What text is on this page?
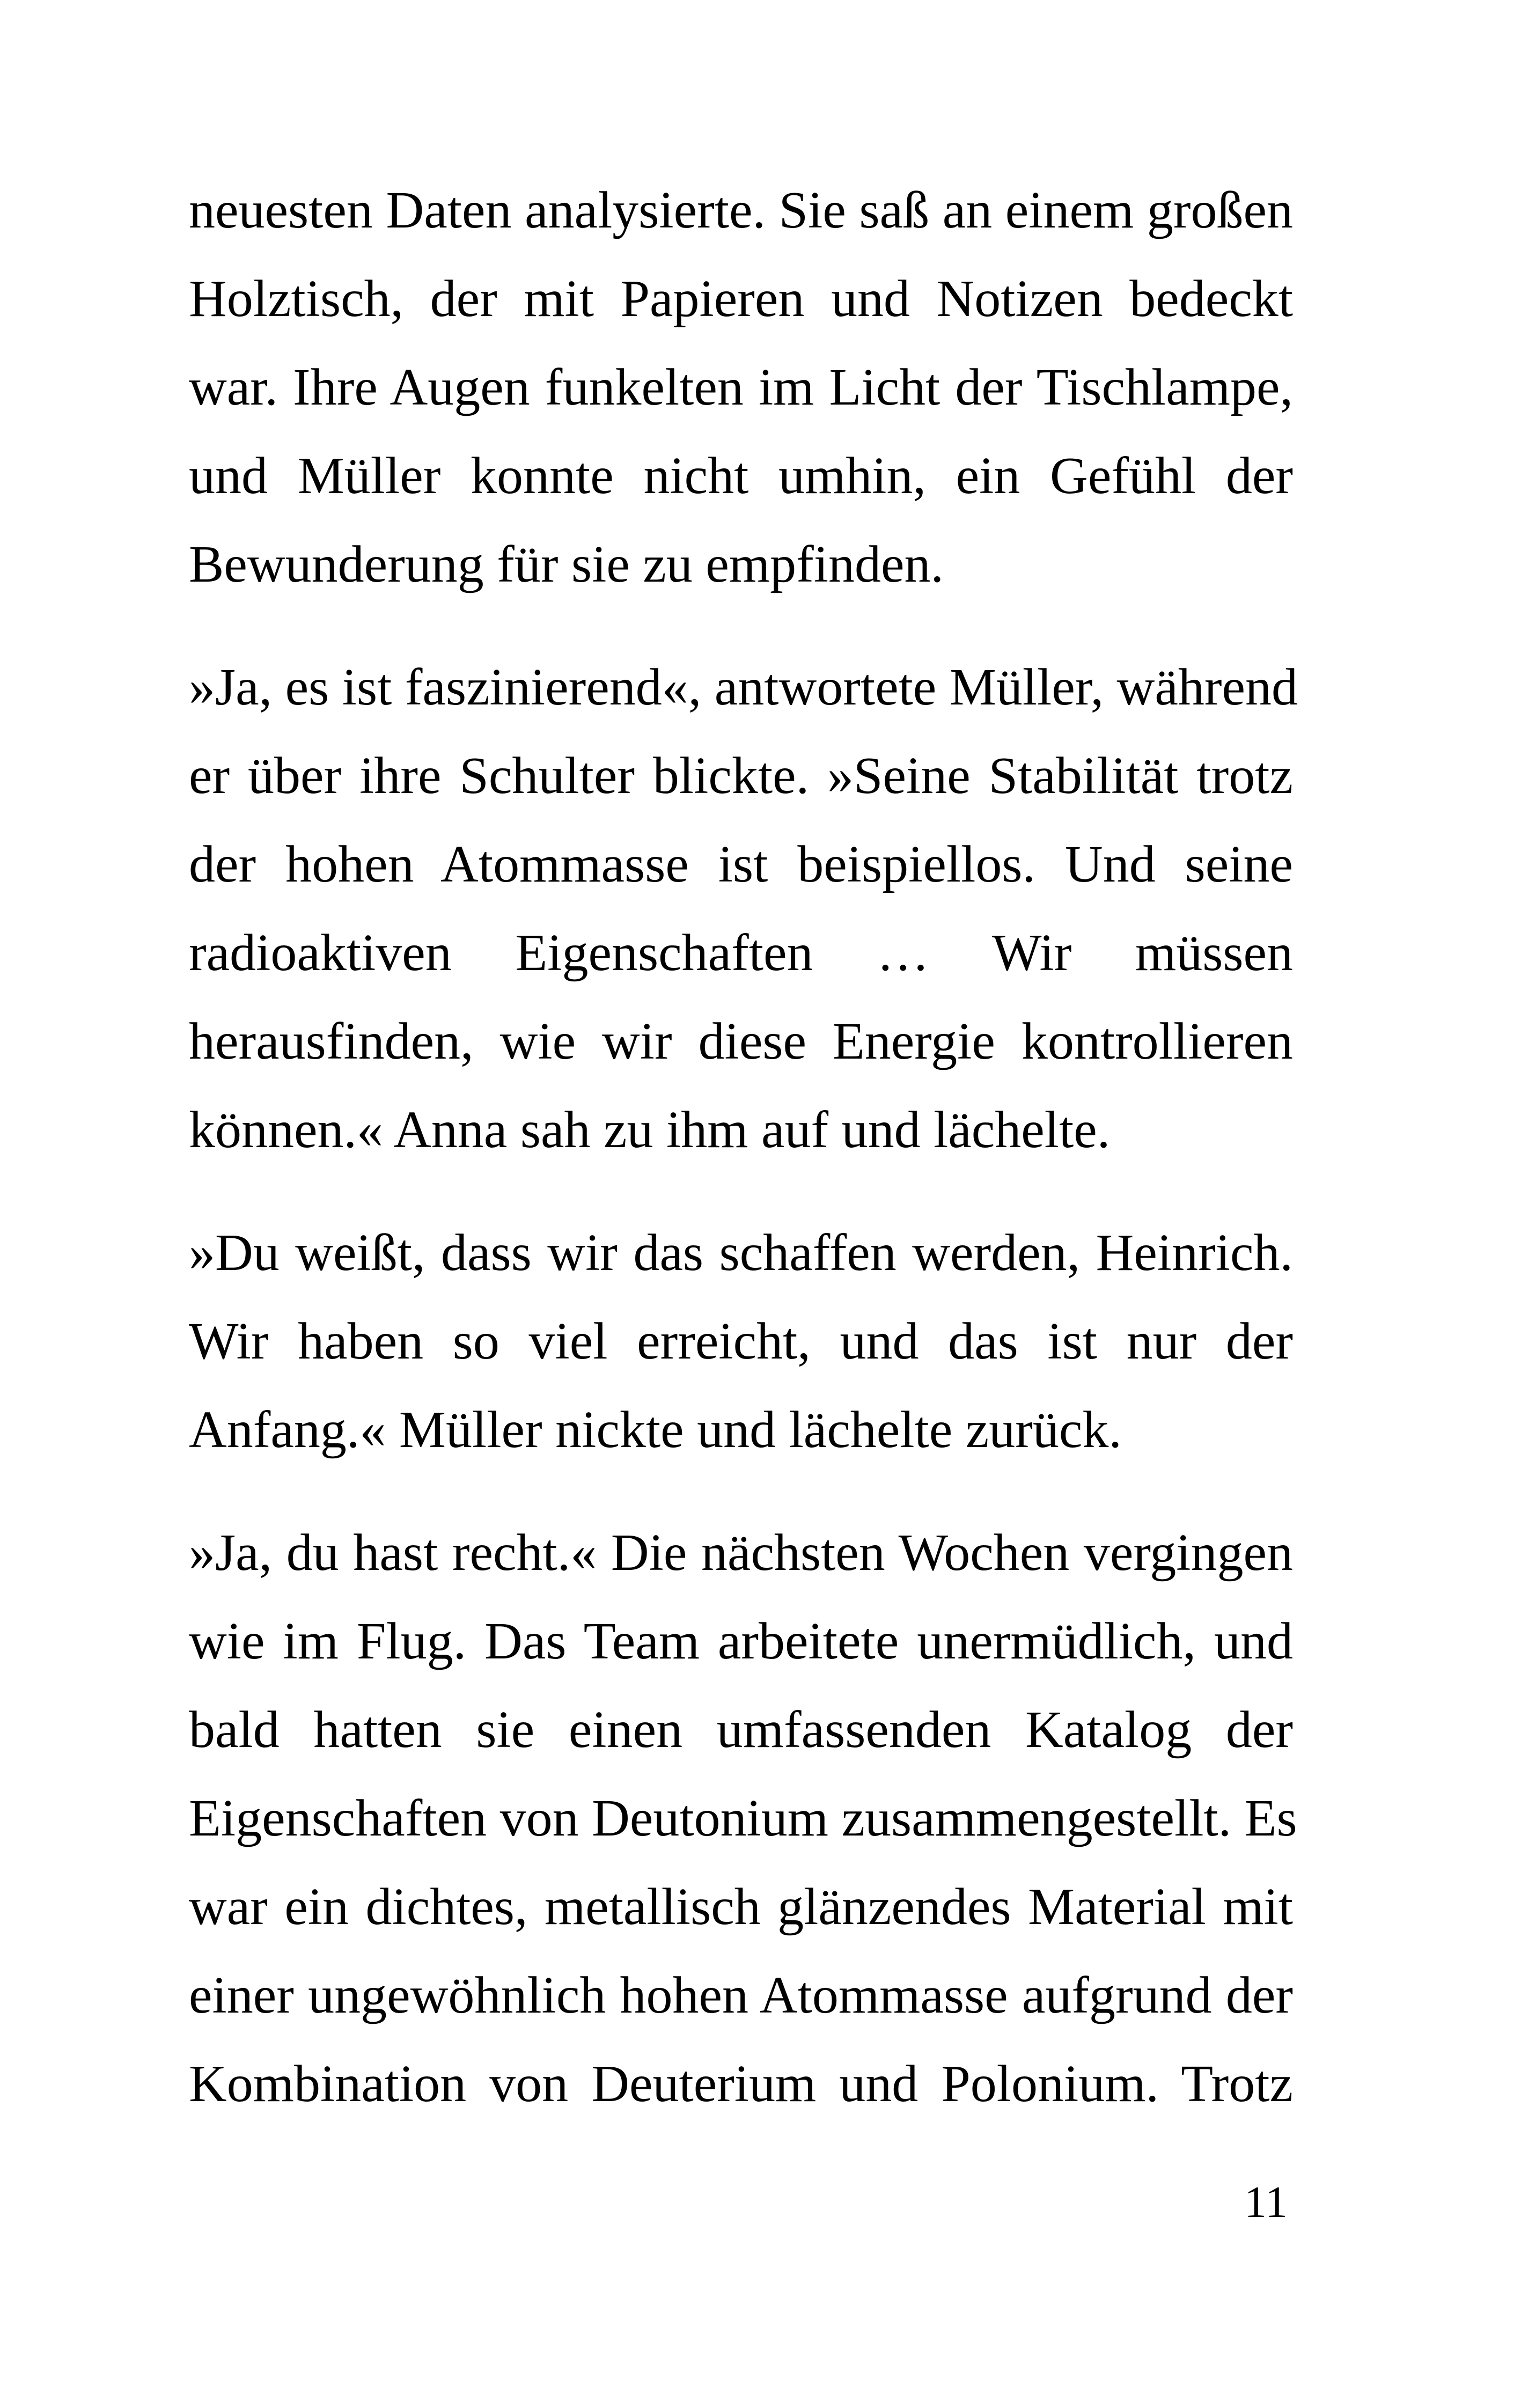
neuesten Daten analysierte. Sie saß an einem großen
Holztisch, der mit Papieren und Notizen bedeckt
war. Ihre Augen funkelten im Licht der Tischlampe,
und Müller konnte nicht umhin, ein Gefühl der
Bewunderung für sie zu empfinden.
»Ja, es ist faszinierend«, antwortete Müller, während
er über ihre Schulter blickte. »Seine Stabilität trotz
der hohen Atommasse ist beispiellos. Und seine
radioaktiven Eigenschaften … Wir müssen
herausfinden, wie wir diese Energie kontrollieren
können.« Anna sah zu ihm auf und lächelte.
»Du weißt, dass wir das schaffen werden, Heinrich.
Wir haben so viel erreicht, und das ist nur der
Anfang.« Müller nickte und lächelte zurück.
»Ja, du hast recht.« Die nächsten Wochen vergingen
wie im Flug. Das Team arbeitete unermüdlich, und
bald hatten sie einen umfassenden Katalog der
Eigenschaften von Deutonium zusammengestellt. Es
war ein dichtes, metallisch glänzendes Material mit
einer ungewöhnlich hohen Atommasse aufgrund der
Kombination von Deuterium und Polonium. Trotz
11
